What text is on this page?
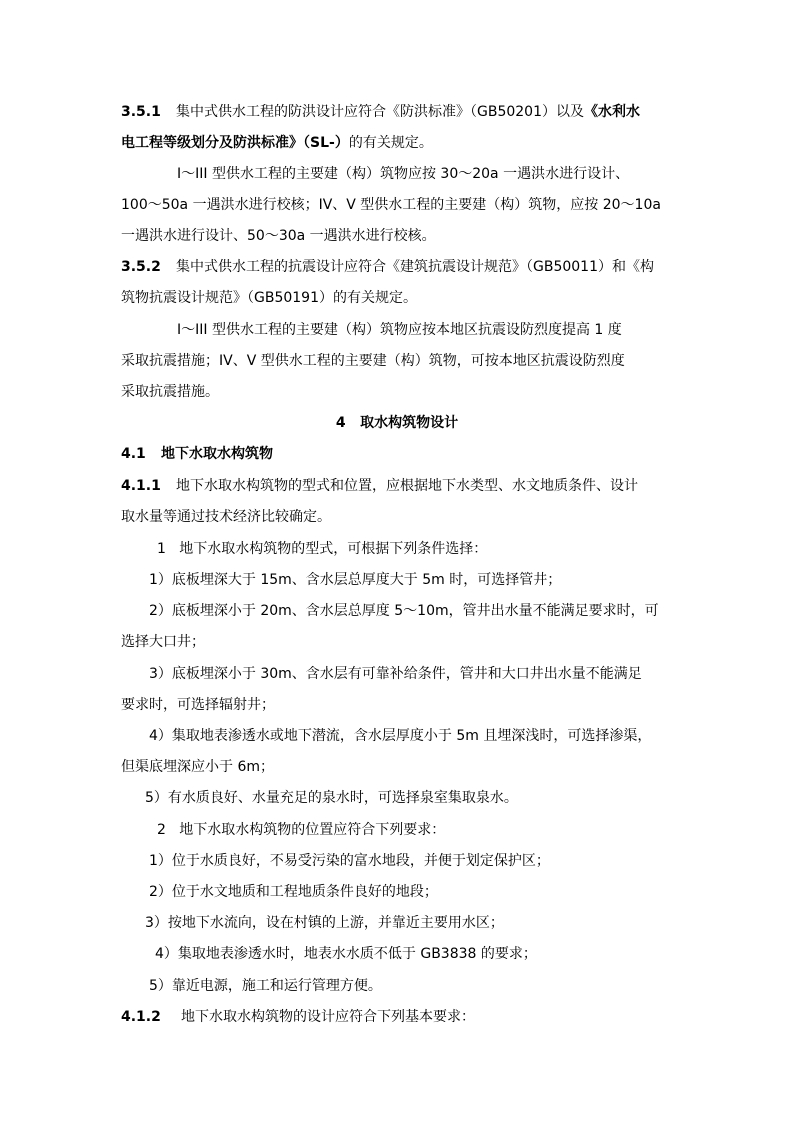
3.5.1 集中式供水工程的防洪设计应符合《防洪标准》（GB50201）以及《水利水
电工程等级划分及防洪标准》（SL-）的有关规定。
I～III 型供水工程的主要建（构）筑物应按 30～20a 一遇洪水进行设计、
100～50a 一遇洪水进行校核；IV、V 型供水工程的主要建（构）筑物，应按 20～10a
一遇洪水进行设计、50～30a 一遇洪水进行校核。
3.5.2 集中式供水工程的抗震设计应符合《建筑抗震设计规范》（GB50011）和《构
筑物抗震设计规范》（GB50191）的有关规定。
I～III 型供水工程的主要建（构）筑物应按本地区抗震设防烈度提高 1 度
采取抗震措施；IV、V 型供水工程的主要建（构）筑物，可按本地区抗震设防烈度
采取抗震措施。
4   取水构筑物设计
4.1 地下水取水构筑物
4.1.1 地下水取水构筑物的型式和位置，应根据地下水类型、水文地质条件、设计
取水量等通过技术经济比较确定。
1   地下水取水构筑物的型式，可根据下列条件选择：
1）底板埋深大于 15m、含水层总厚度大于 5m 时，可选择管井；
2）底板埋深小于 20m、含水层总厚度 5～10m，管井出水量不能满足要求时，可
选择大口井；
3）底板埋深小于 30m、含水层有可靠补给条件，管井和大口井出水量不能满足
要求时，可选择辐射井；
4）集取地表渗透水或地下潜流，含水层厚度小于 5m 且埋深浅时，可选择渗渠，
但渠底埋深应小于 6m；
5）有水质良好、水量充足的泉水时，可选择泉室集取泉水。
2   地下水取水构筑物的位置应符合下列要求：
1）位于水质良好，不易受污染的富水地段，并便于划定保护区；
2）位于水文地质和工程地质条件良好的地段；
3）按地下水流向，设在村镇的上游，并靠近主要用水区；
4）集取地表渗透水时，地表水水质不低于 GB3838 的要求；
5）靠近电源，施工和运行管理方便。
4.1.2 地下水取水构筑物的设计应符合下列基本要求：
